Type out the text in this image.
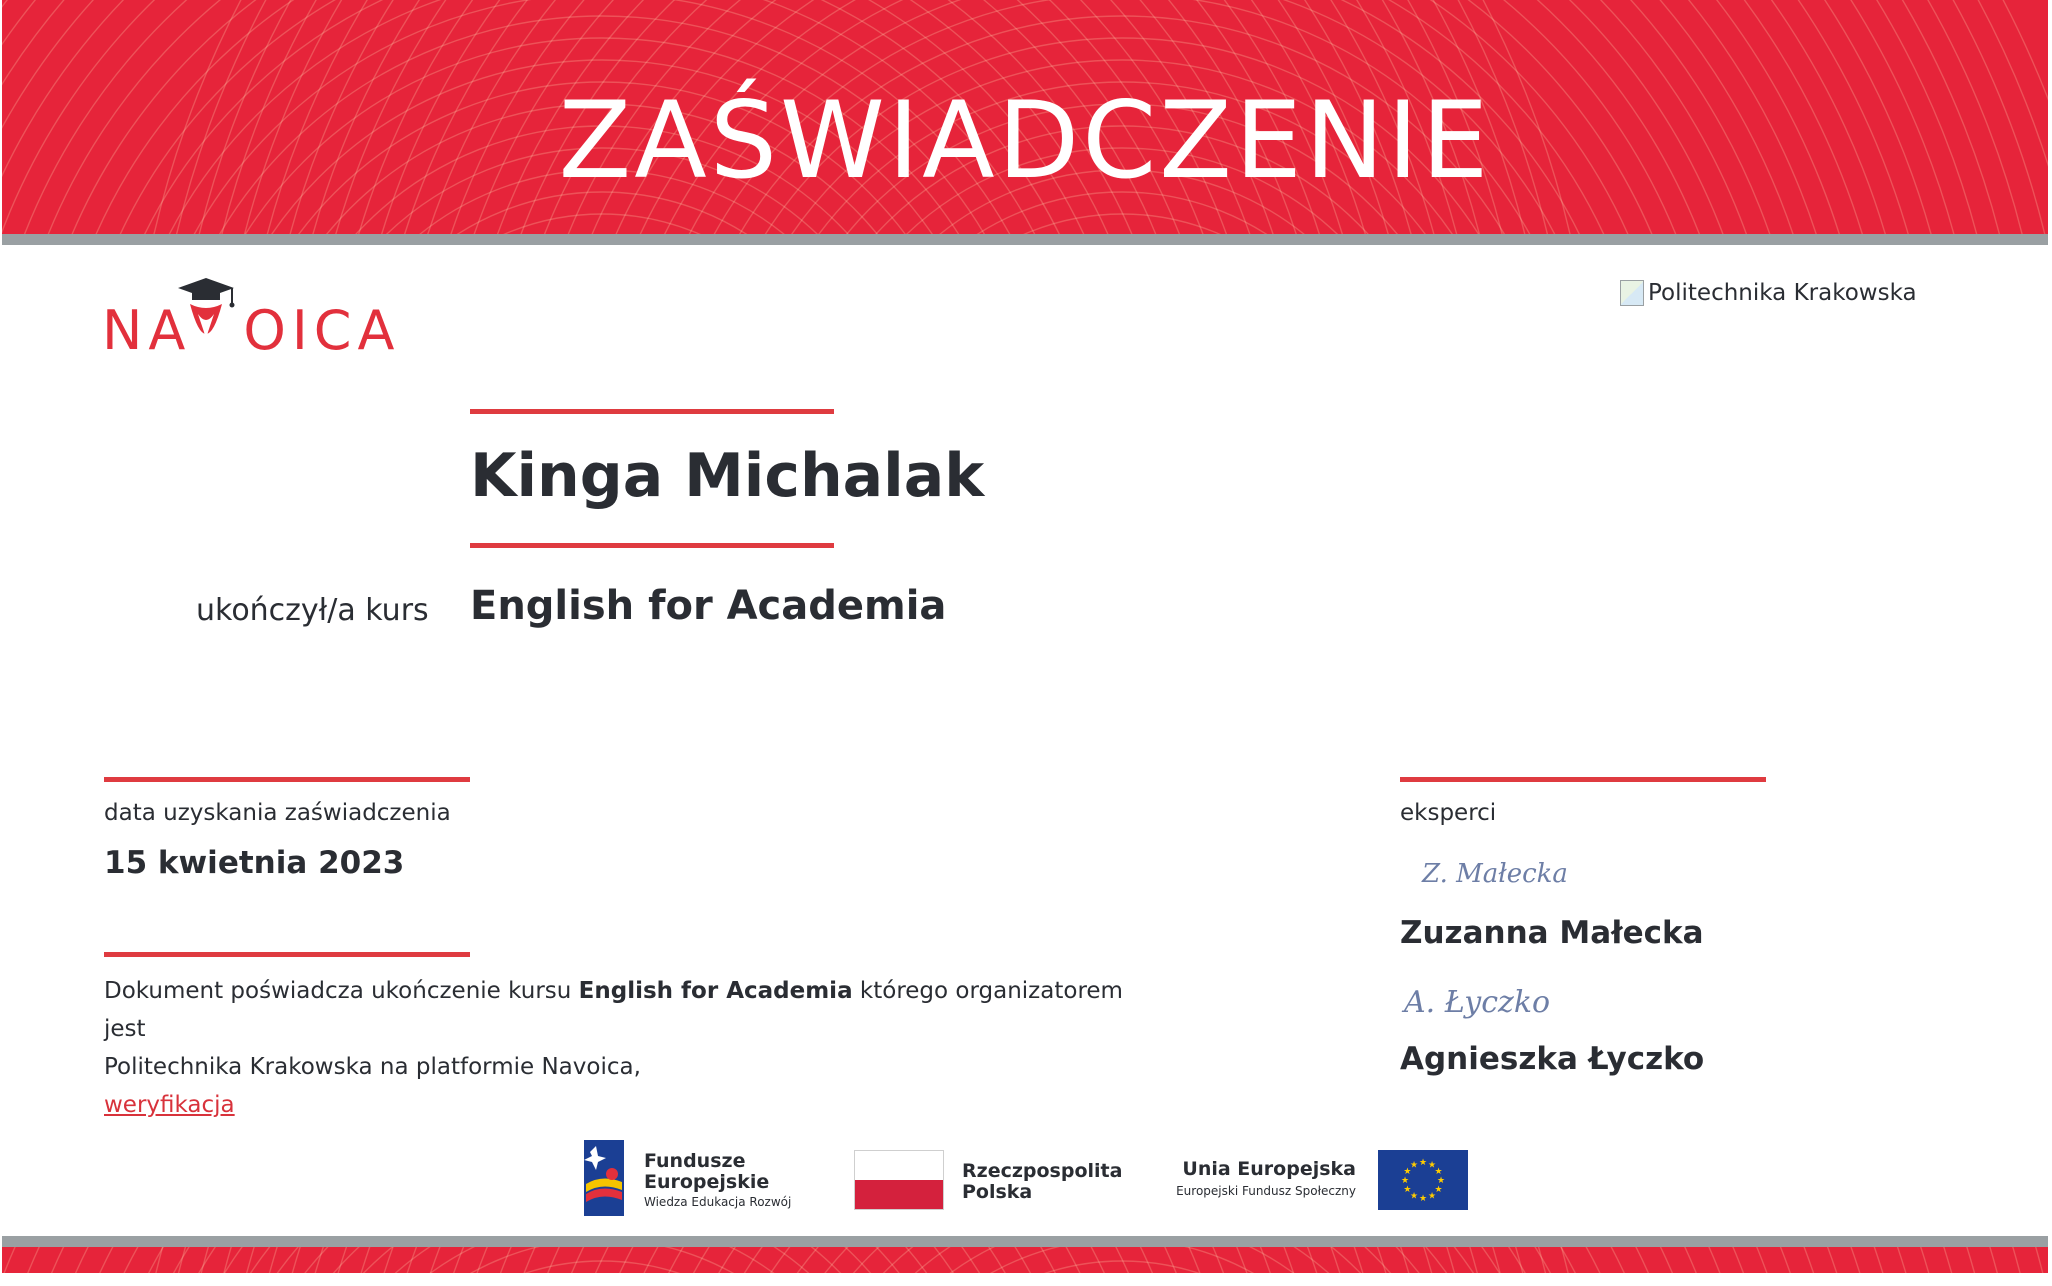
ZAŚWIADCZENIE
NA OICA
Politechnika Krakowska
Kinga Michalak
ukończył/a kurs English for Academia
data uzyskania zaświadczenia
15 kwietnia 2023
Dokument poświadcza ukończenie kursu English for Academia którego organizatorem jest
Politechnika Krakowska na platformie Navoica,
weryfikacja
eksperci
Z. Małecka
Zuzanna Małecka
A. Łyczko
Agnieszka Łyczko
Fundusze
Europejskie
Wiedza Edukacja Rozwój
Rzeczpospolita
Polska
Unia Europejska
Europejski Fundusz Społeczny
★
★
★
★
★
★
★
★
★ ★ ★
★
